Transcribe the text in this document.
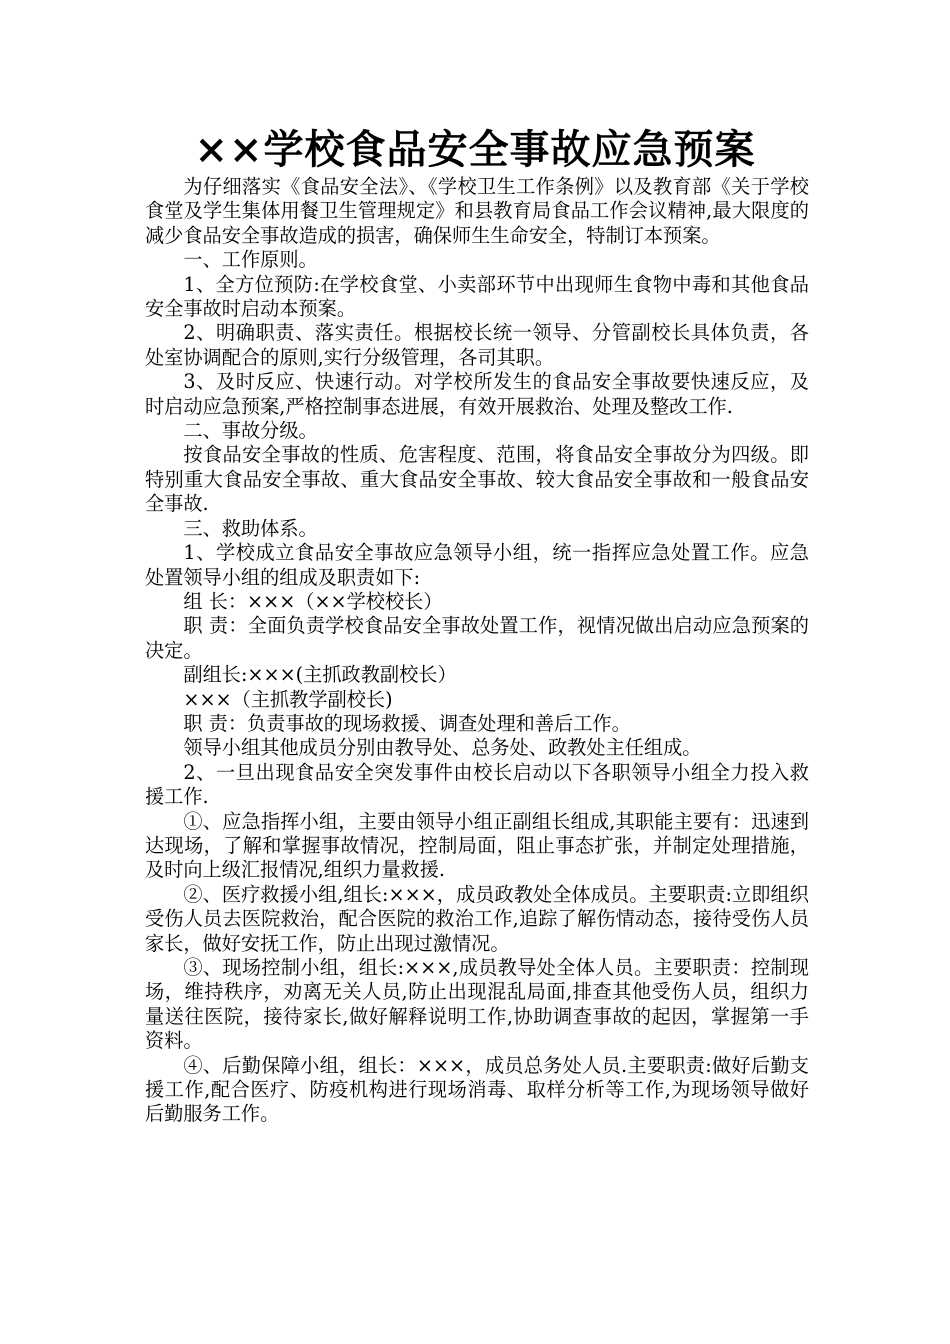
××学校食品安全事故应急预案

为仔细落实《食品安全法》、《学校卫生工作条例》以及教育部《关于学校食堂及学生集体用餐卫生管理规定》和县教育局食品工作会议精神,最大限度的减少食品安全事故造成的损害，确保师生生命安全，特制订本预案。

一、工作原则。

1、全方位预防:在学校食堂、小卖部环节中出现师生食物中毒和其他食品安全事故时启动本预案。

2、明确职责、落实责任。根据校长统一领导、分管副校长具体负责，各处室协调配合的原则,实行分级管理，各司其职。

3、及时反应、快速行动。对学校所发生的食品安全事故要快速反应，及时启动应急预案,严格控制事态进展，有效开展救治、处理及整改工作.

二、事故分级。

按食品安全事故的性质、危害程度、范围，将食品安全事故分为四级。即特别重大食品安全事故、重大食品安全事故、较大食品安全事故和一般食品安全事故.

三、救助体系。

1、学校成立食品安全事故应急领导小组，统一指挥应急处置工作。应急处置领导小组的组成及职责如下:

组 长：×××（××学校校长）

职 责：全面负责学校食品安全事故处置工作，视情况做出启动应急预案的决定。

副组长:×××(主抓政教副校长）

×××（主抓教学副校长)

职 责：负责事故的现场救援、调查处理和善后工作。

领导小组其他成员分别由教导处、总务处、政教处主任组成。

2、一旦出现食品安全突发事件由校长启动以下各职领导小组全力投入救援工作.

①、应急指挥小组，主要由领导小组正副组长组成,其职能主要有：迅速到达现场，了解和掌握事故情况，控制局面，阻止事态扩张，并制定处理措施，及时向上级汇报情况,组织力量救援.

②、医疗救援小组,组长:×××，成员政教处全体成员。主要职责:立即组织受伤人员去医院救治，配合医院的救治工作,追踪了解伤情动态，接待受伤人员家长，做好安抚工作，防止出现过激情况。

③、现场控制小组，组长:×××,成员教导处全体人员。主要职责：控制现场，维持秩序，劝离无关人员,防止出现混乱局面,排查其他受伤人员，组织力量送往医院，接待家长,做好解释说明工作,协助调查事故的起因，掌握第一手资料。

④、后勤保障小组，组长：×××，成员总务处人员.主要职责:做好后勤支援工作,配合医疗、防疫机构进行现场消毒、取样分析等工作,为现场领导做好后勤服务工作。
